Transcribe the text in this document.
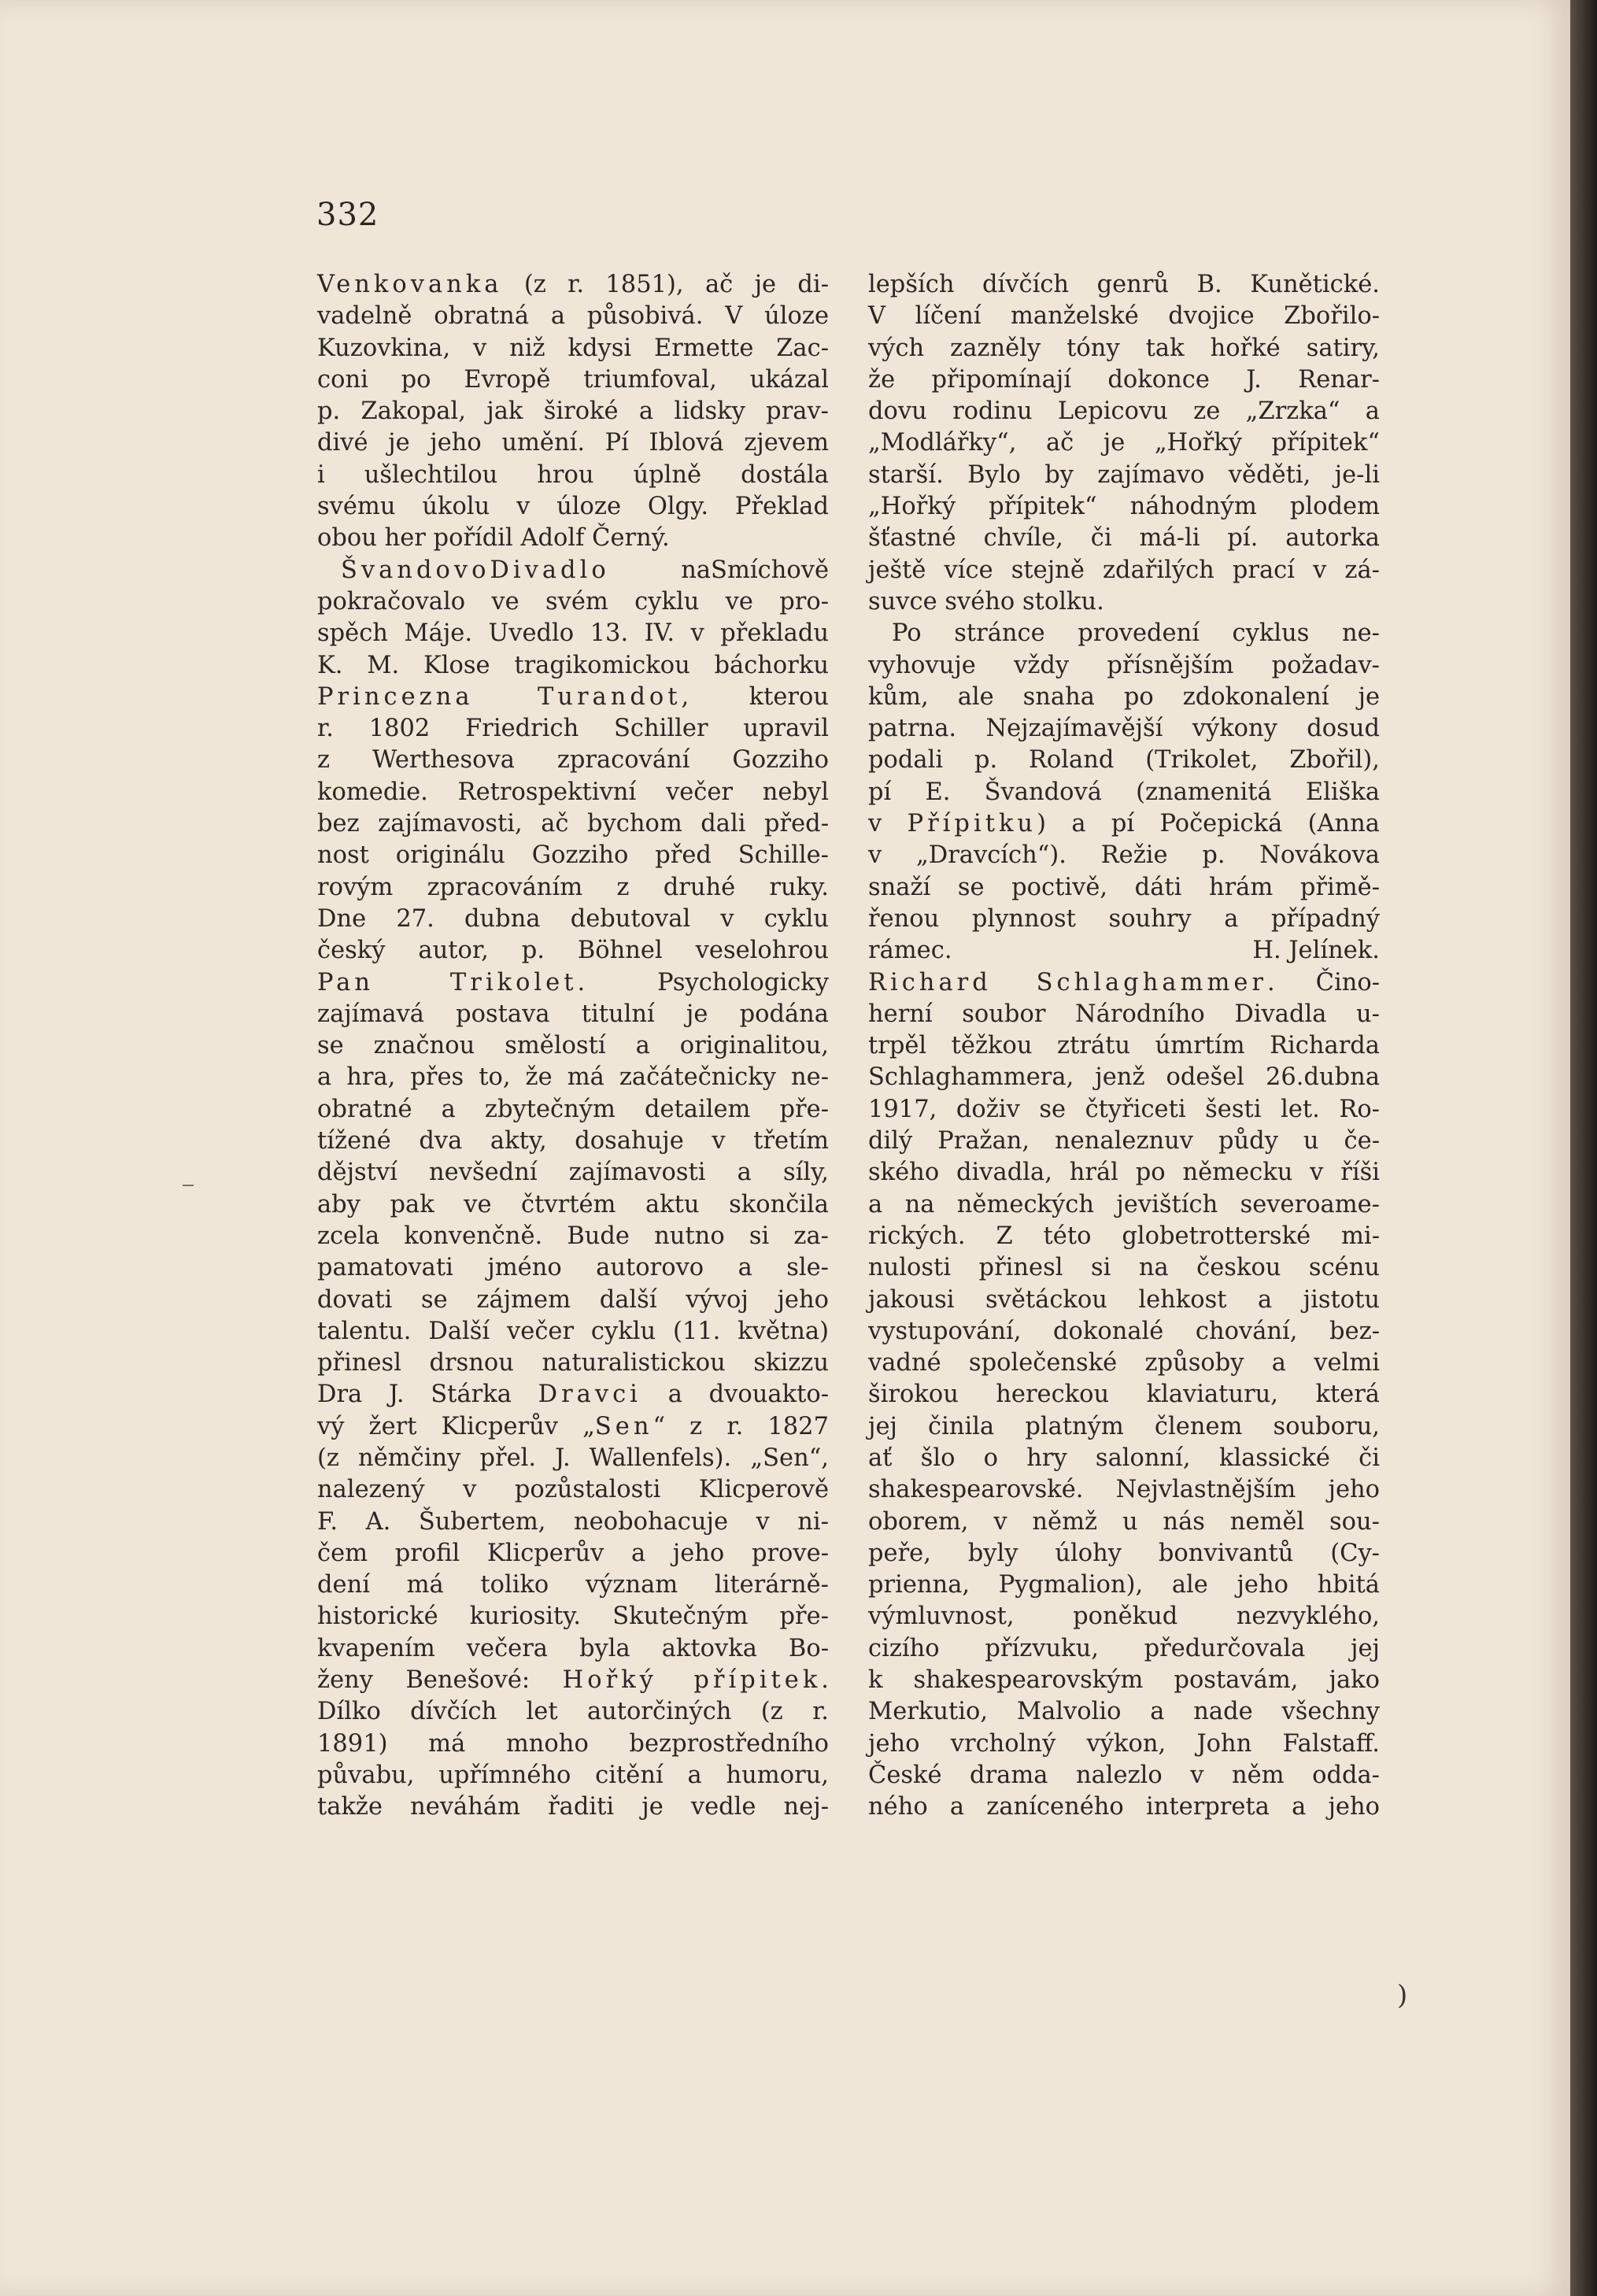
332

Venkovanka (z r. 1851), ač je di-

vadelně obratná a působivá. V úloze

Kuzovkina, v niž kdysi Ermette Zac-

coni po Evropě triumfoval, ukázal

p. Zakopal, jak široké a lidsky prav-

divé je jeho umění. Pí Iblová zjevem

i ušlechtilou hrou úplně dostála

svému úkolu v úloze Olgy. Překlad

obou her pořídil Adolf Černý.

ŠvandovoDivadlo naSmíchově

pokračovalo ve svém cyklu ve pro-

spěch Máje. Uvedlo 13. IV. v překladu

K. M. Klose tragikomickou báchorku

Princezna Turandot, kterou

r. 1802 Friedrich Schiller upravil

z Werthesova zpracování Gozziho

komedie. Retrospektivní večer nebyl

bez zajímavosti, ač bychom dali před-

nost originálu Gozziho před Schille-

rovým zpracováním z druhé ruky.

Dne 27. dubna debutoval v cyklu

český autor, p. Böhnel veselohrou

Pan Trikolet. Psychologicky

zajímavá postava titulní je podána

se značnou smělostí a originalitou,

a hra, přes to, že má začátečnicky ne-

obratné a zbytečným detailem pře-

tížené dva akty, dosahuje v třetím

dějství nevšední zajímavosti a síly,

aby pak ve čtvrtém aktu skončila

zcela konvenčně. Bude nutno si za-

pamatovati jméno autorovo a sle-

dovati se zájmem další vývoj jeho

talentu. Další večer cyklu (11. května)

přinesl drsnou naturalistickou skizzu

Dra J. Stárka Dravci a dvouakto-

vý žert Klicperův „Sen“ z r. 1827

(z němčiny přel. J. Wallenfels). „Sen“,

nalezený v pozůstalosti Klicperově

F. A. Šubertem, neobohacuje v ni-

čem profil Klicperův a jeho prove-

dení má toliko význam literárně-

historické kuriosity. Skutečným pře-

kvapením večera byla aktovka Bo-

ženy Benešové: Hořký přípitek.

Dílko dívčích let autorčiných (z r.

1891) má mnoho bezprostředního

půvabu, upřímného citění a humoru,

takže neváhám řaditi je vedle nej-

lepších dívčích genrů B. Kunětické.

V líčení manželské dvojice Zbořilo-

vých zazněly tóny tak hořké satiry,

že připomínají dokonce J. Renar-

dovu rodinu Lepicovu ze „Zrzka“ a

„Modlářky“, ač je „Hořký přípitek“

starší. Bylo by zajímavo věděti, je-li

„Hořký přípitek“ náhodným plodem

šťastné chvíle, či má-li pí. autorka

ještě více stejně zdařilých prací v zá-

suvce svého stolku.

Po stránce provedení cyklus ne-

vyhovuje vždy přísnějším požadav-

kům, ale snaha po zdokonalení je

patrna. Nejzajímavější výkony dosud

podali p. Roland (Trikolet, Zbořil),

pí E. Švandová (znamenitá Eliška

v Přípitku) a pí Počepická (Anna

v „Dravcích“). Režie p. Novákova

snaží se poctivě, dáti hrám přimě-

řenou plynnost souhry a případný

rámec.	H. Jelínek.

Richard Schlaghammer. Čino-

herní soubor Národního Divadla u-

trpěl těžkou ztrátu úmrtím Richarda

Schlaghammera, jenž odešel 26.dubna

1917, doživ se čtyřiceti šesti let. Ro-

dilý Pražan, nenaleznuv půdy u če-

ského divadla, hrál po německu v říši

a na německých jevištích severoame-

rických. Z této globetrotterské mi-

nulosti přinesl si na českou scénu

jakousi světáckou lehkost a jistotu

vystupování, dokonalé chování, bez-

vadné společenské způsoby a velmi

širokou hereckou klaviaturu, která

jej činila platným členem souboru,

ať šlo o hry salonní, klassické či

shakespearovské. Nejvlastnějším jeho

oborem, v němž u nás neměl sou-

peře, byly úlohy bonvivantů (Cy-

prienna, Pygmalion), ale jeho hbitá

výmluvnost, poněkud nezvyklého,

cizího přízvuku, předurčovala jej

k shakespearovským postavám, jako

Merkutio, Malvolio a nade všechny

jeho vrcholný výkon, John Falstaff.

České drama nalezlo v něm odda-

ného a zaníceného interpreta a jeho

)
